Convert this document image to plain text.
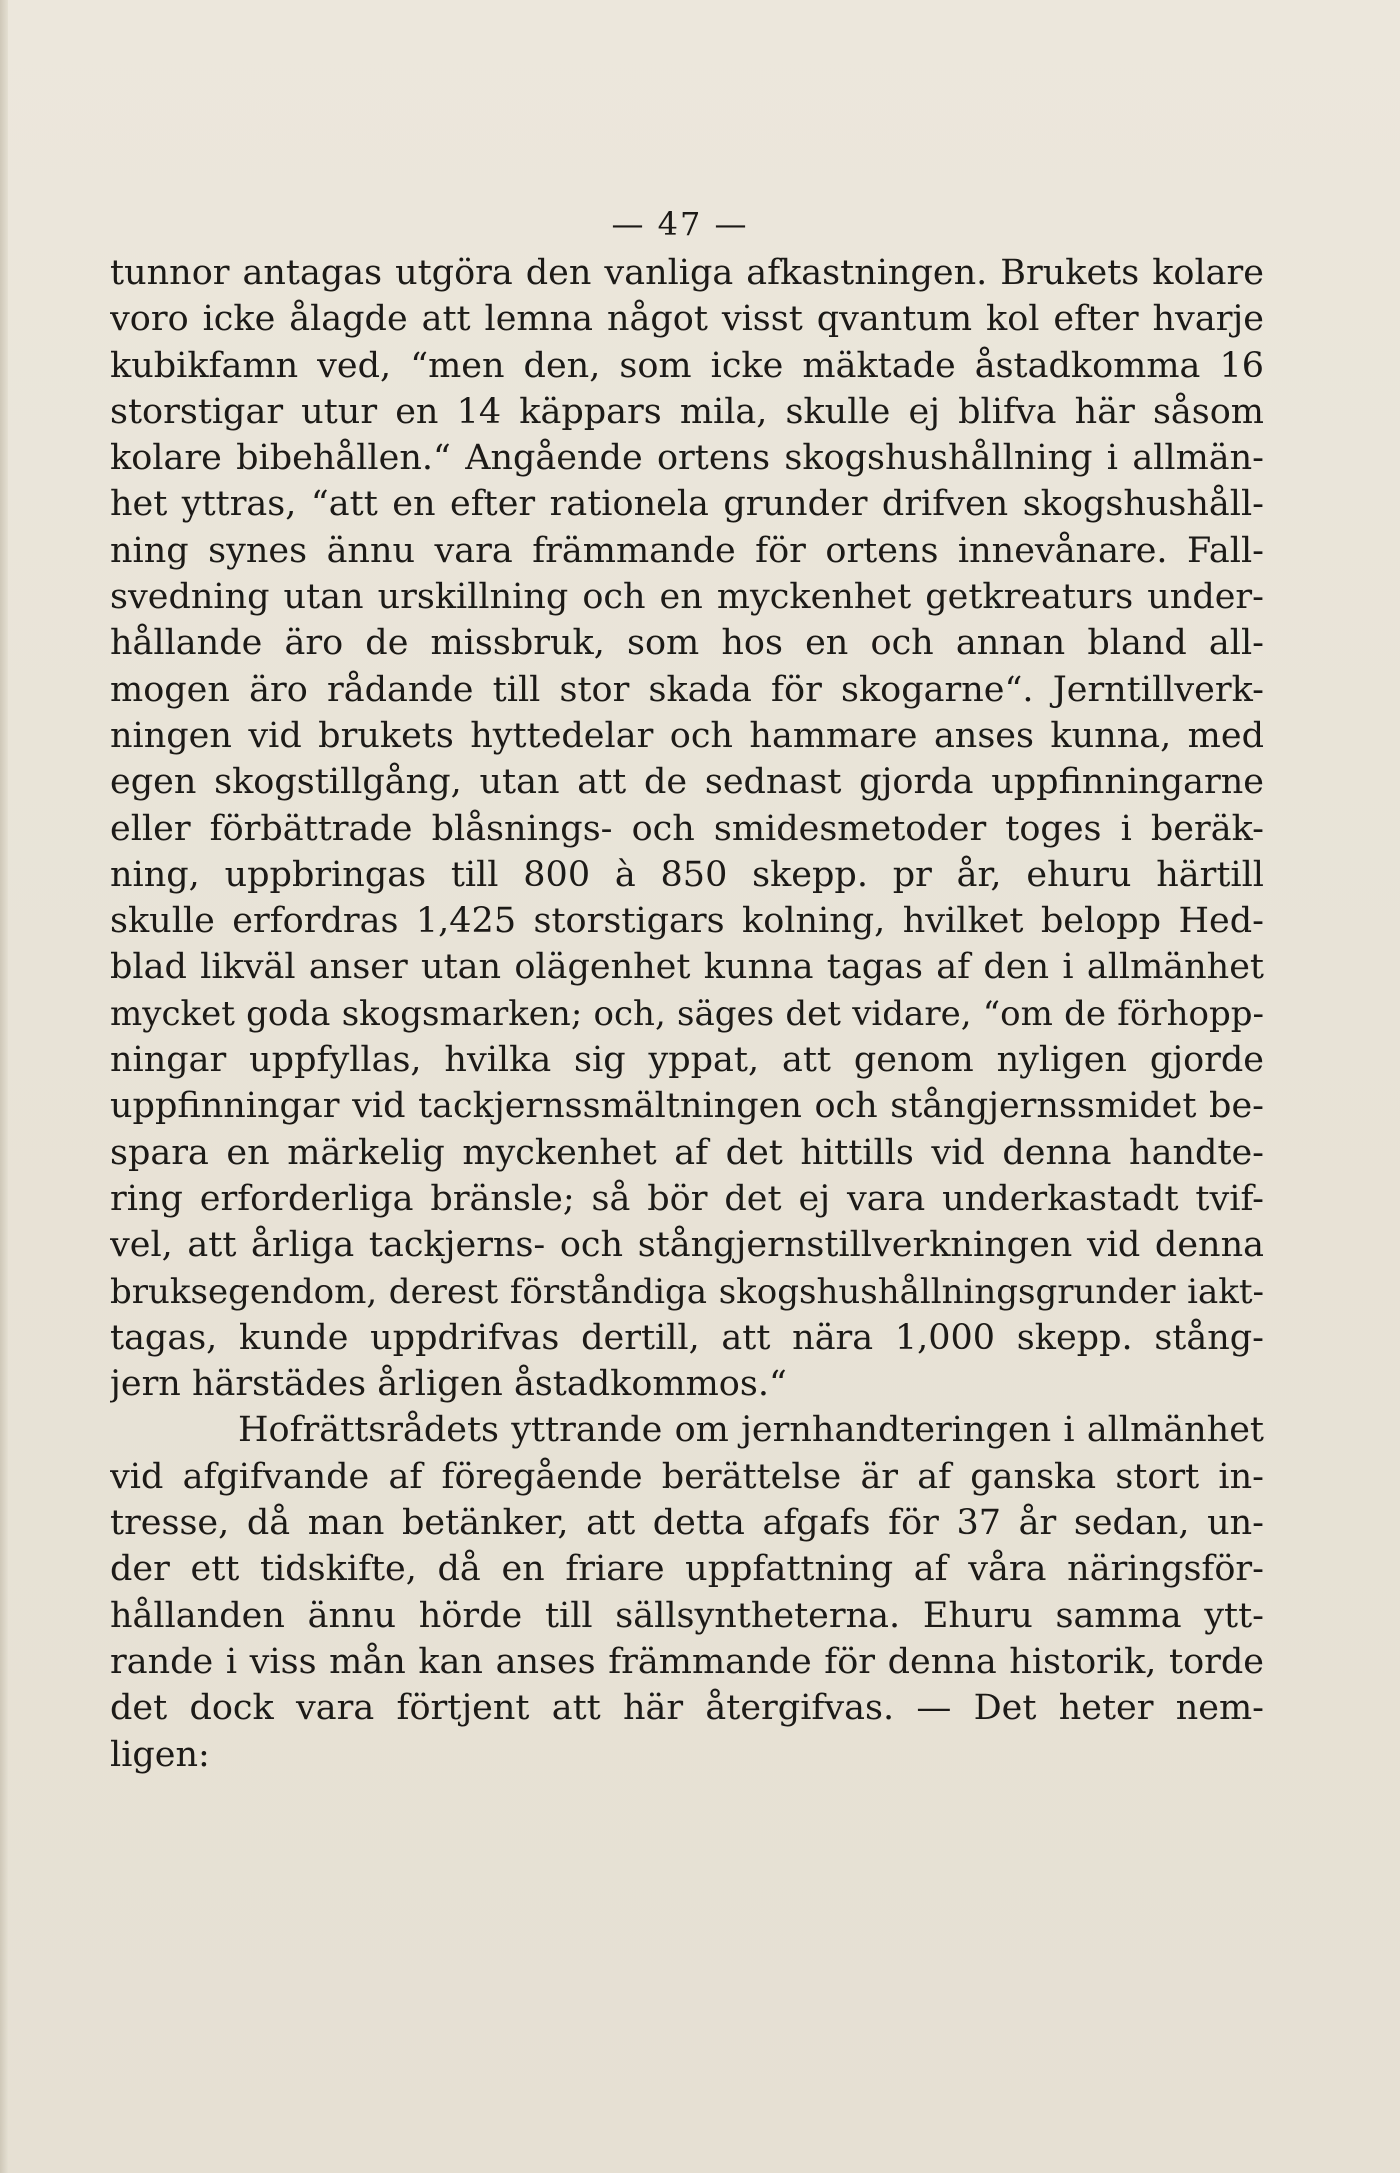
— 47 —
tunnor antagas utgöra den vanliga afkastningen. Brukets kolare
voro icke ålagde att lemna något visst qvantum kol efter hvarje
kubikfamn ved, “men den, som icke mäktade åstadkomma 16
storstigar utur en 14 käppars mila, skulle ej blifva här såsom
kolare bibehållen.“ Angående ortens skogshushållning i allmän-
het yttras, “att en efter rationela grunder drifven skogshushåll-
ning synes ännu vara främmande för ortens innevånare. Fall-
svedning utan urskillning och en myckenhet getkreaturs under-
hållande äro de missbruk, som hos en och annan bland all-
mogen äro rådande till stor skada för skogarne“. Jerntillverk-
ningen vid brukets hyttedelar och hammare anses kunna, med
egen skogstillgång, utan att de sednast gjorda uppfinningarne
eller förbättrade blåsnings- och smidesmetoder toges i beräk-
ning, uppbringas till 800 à 850 skepp. pr år, ehuru härtill
skulle erfordras 1,425 storstigars kolning, hvilket belopp Hed-
blad likväl anser utan olägenhet kunna tagas af den i allmänhet
mycket goda skogsmarken; och, säges det vidare, “om de förhopp-
ningar uppfyllas, hvilka sig yppat, att genom nyligen gjorde
uppfinningar vid tackjernssmältningen och stångjernssmidet be-
spara en märkelig myckenhet af det hittills vid denna handte-
ring erforderliga bränsle; så bör det ej vara underkastadt tvif-
vel, att årliga tackjerns- och stångjernstillverkningen vid denna
bruksegendom, derest förståndiga skogshushållningsgrunder iakt-
tagas, kunde uppdrifvas dertill, att nära 1,000 skepp. stång-
jern härstädes årligen åstadkommos.“
Hofrättsrådets yttrande om jernhandteringen i allmänhet
vid afgifvande af föregående berättelse är af ganska stort in-
tresse, då man betänker, att detta afgafs för 37 år sedan, un-
der ett tidskifte, då en friare uppfattning af våra näringsför-
hållanden ännu hörde till sällsyntheterna. Ehuru samma ytt-
rande i viss mån kan anses främmande för denna historik, torde
det dock vara förtjent att här återgifvas. — Det heter nem-
ligen:
